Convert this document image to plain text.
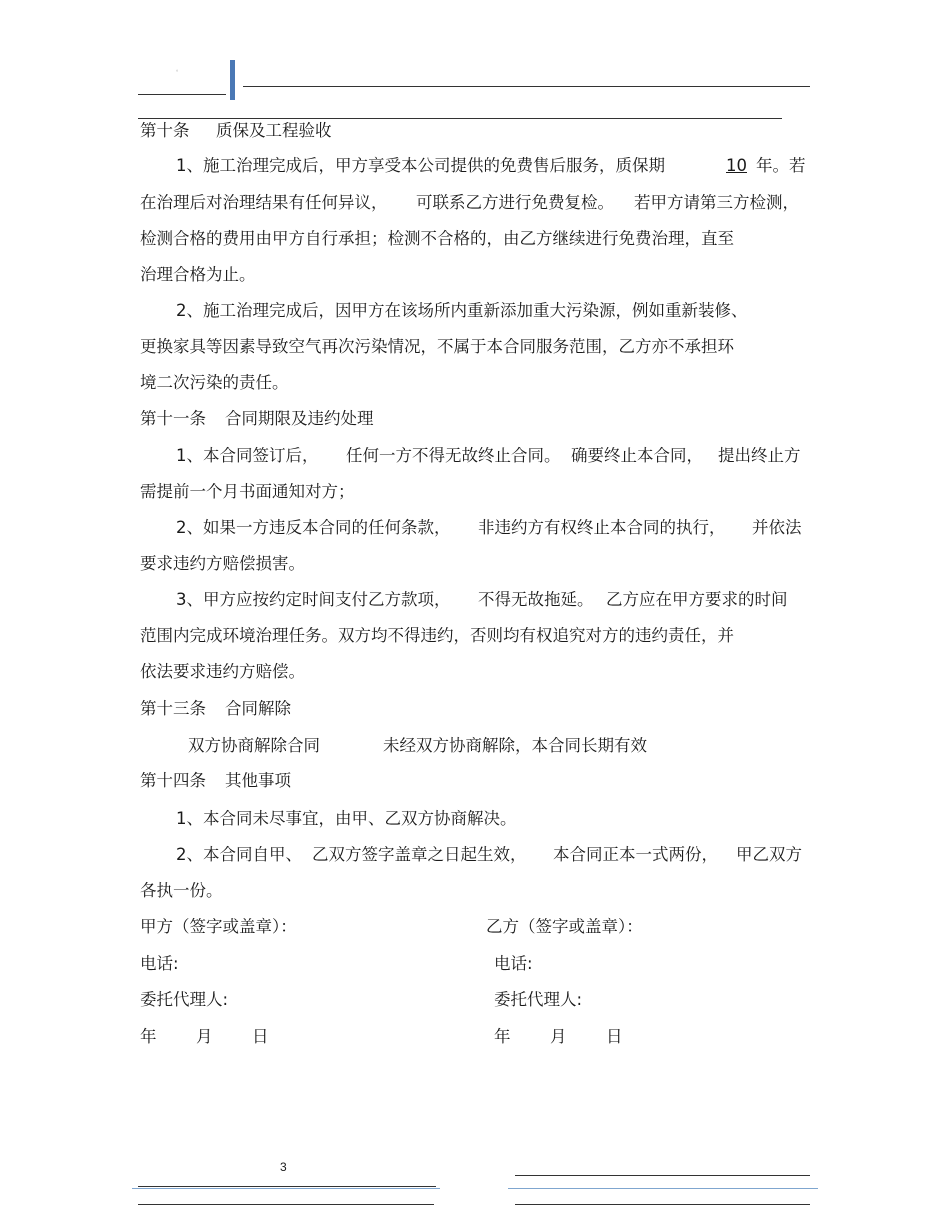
。
第十条 质保及工程验收
1、施工治理完成后，甲方享受本公司提供的免费售后服务，质保期	10 年。若
在治理后对治理结果有任何异议， 可联系乙方进行免费复检。 若甲方请第三方检测，
检测合格的费用由甲方自行承担；检测不合格的，由乙方继续进行免费治理，直至
治理合格为止。
2、施工治理完成后，因甲方在该场所内重新添加重大污染源，例如重新装修、
更换家具等因素导致空气再次污染情况，不属于本合同服务范围，乙方亦不承担环
境二次污染的责任。
第十一条 合同期限及违约处理
1、本合同签订后， 任何一方不得无故终止合同。 确要终止本合同， 提出终止方
需提前一个月书面通知对方；
2、如果一方违反本合同的任何条款， 非违约方有权终止本合同的执行， 并依法
要求违约方赔偿损害。
3、甲方应按约定时间支付乙方款项， 不得无故拖延。 乙方应在甲方要求的时间
范围内完成环境治理任务。双方均不得违约，否则均有权追究对方的违约责任，并
依法要求违约方赔偿。
第十三条 合同解除
双方协商解除合同	未经双方协商解除，本合同长期有效
第十四条 其他事项
1、本合同未尽事宜，由甲、乙双方协商解决。
2、本合同自甲、 乙双方签字盖章之日起生效， 本合同正本一式两份， 甲乙双方
各执一份。
甲方（签字或盖章）：
电话:
委托代理人:
年 月 日
乙方（签字或盖章）：
电话:
委托代理人:
年 月 日
3
